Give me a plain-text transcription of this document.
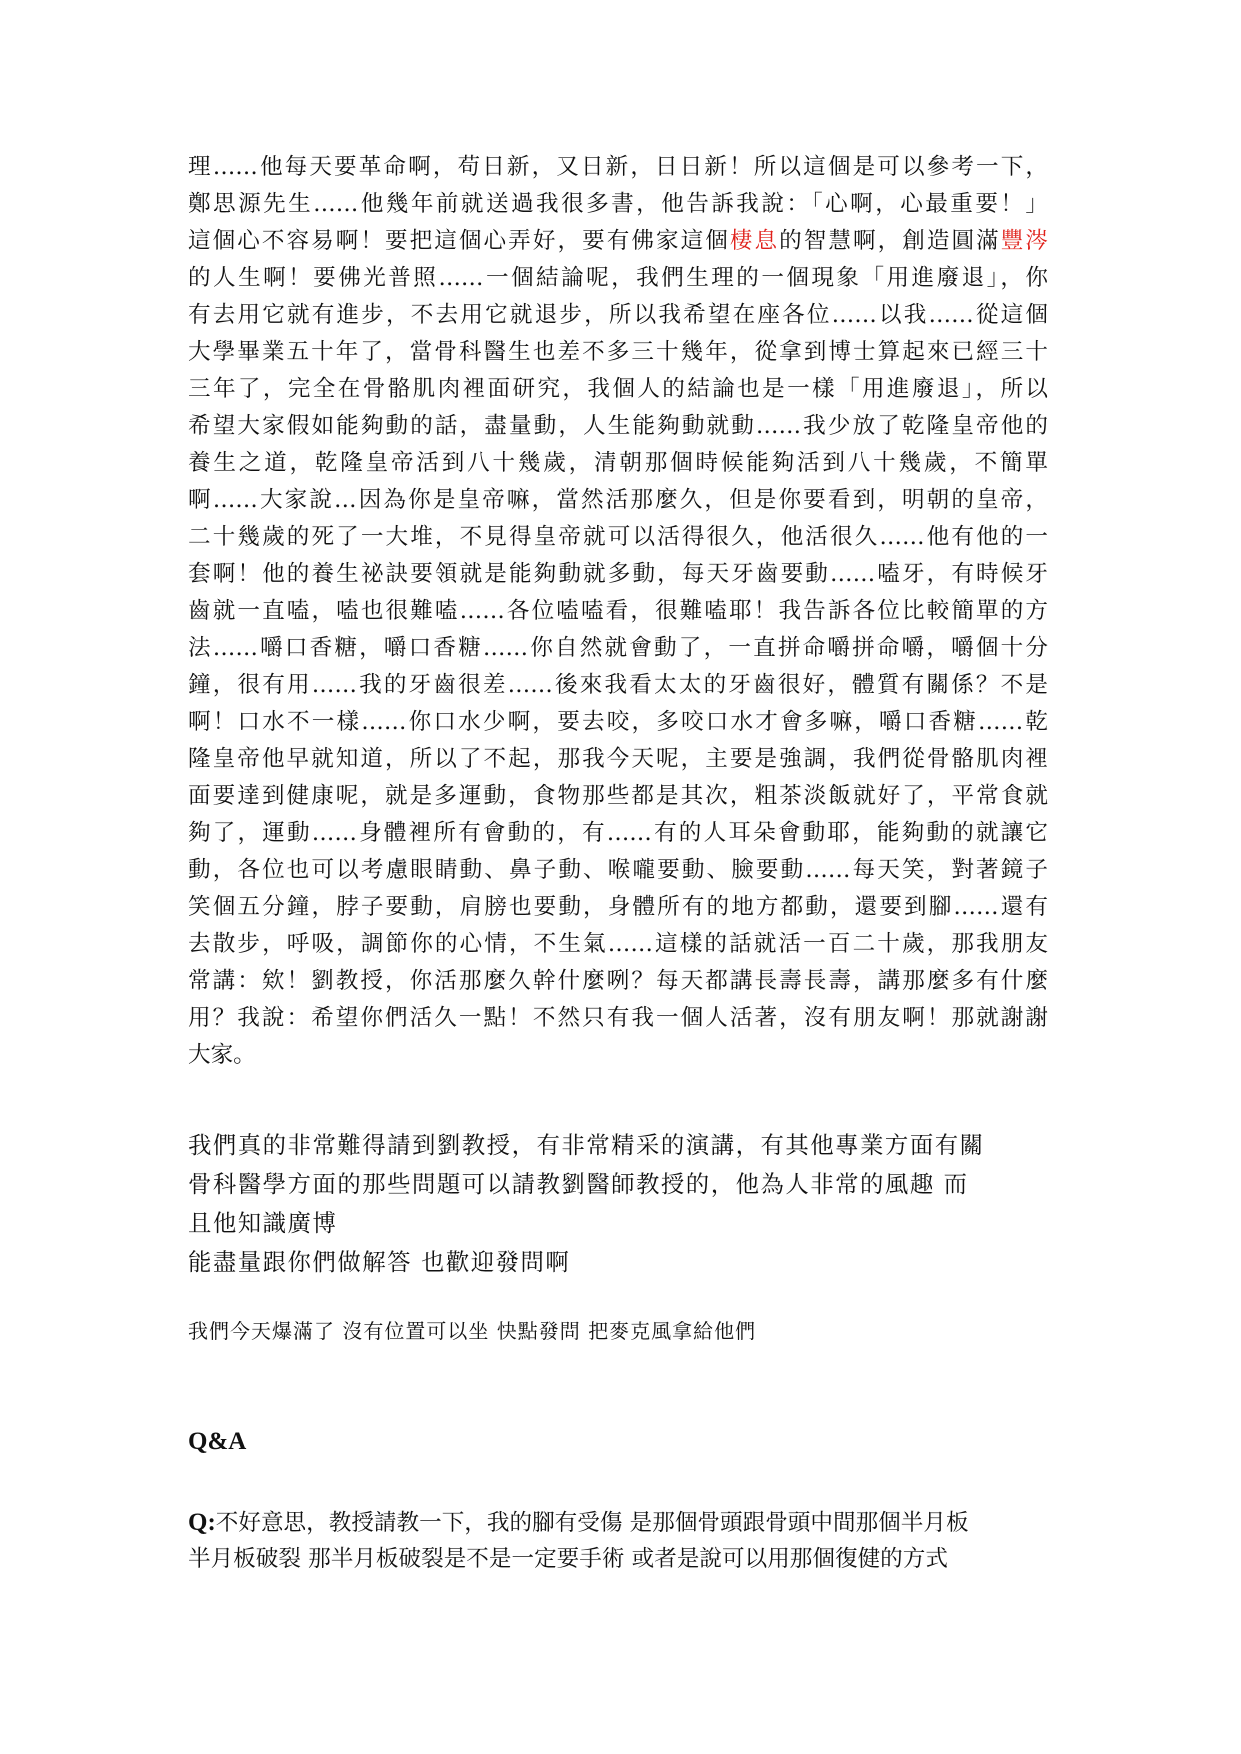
理……他每天要革命啊，苟日新，又日新，日日新！所以這個是可以參考一下，
鄭思源先生……他幾年前就送過我很多書，他告訴我說：「心啊，心最重要！」
這個心不容易啊！要把這個心弄好，要有佛家這個棲息的智慧啊，創造圓滿豐涔
的人生啊！要佛光普照……一個結論呢，我們生理的一個現象「用進廢退」，你
有去用它就有進步，不去用它就退步，所以我希望在座各位……以我……從這個
大學畢業五十年了，當骨科醫生也差不多三十幾年，從拿到博士算起來已經三十
三年了，完全在骨骼肌肉裡面研究，我個人的結論也是一樣「用進廢退」，所以
希望大家假如能夠動的話，盡量動，人生能夠動就動……我少放了乾隆皇帝他的
養生之道，乾隆皇帝活到八十幾歲，清朝那個時候能夠活到八十幾歲，不簡單
啊……大家說…因為你是皇帝嘛，當然活那麼久，但是你要看到，明朝的皇帝，
二十幾歲的死了一大堆，不見得皇帝就可以活得很久，他活很久……他有他的一
套啊！他的養生祕訣要領就是能夠動就多動，每天牙齒要動……嗑牙，有時候牙
齒就一直嗑，嗑也很難嗑……各位嗑嗑看，很難嗑耶！我告訴各位比較簡單的方
法……嚼口香糖，嚼口香糖……你自然就會動了，一直拼命嚼拼命嚼，嚼個十分
鐘，很有用……我的牙齒很差……後來我看太太的牙齒很好，體質有關係？不是
啊！口水不一樣……你口水少啊，要去咬，多咬口水才會多嘛，嚼口香糖……乾
隆皇帝他早就知道，所以了不起，那我今天呢，主要是強調，我們從骨骼肌肉裡
面要達到健康呢，就是多運動，食物那些都是其次，粗茶淡飯就好了，平常食就
夠了，運動……身體裡所有會動的，有……有的人耳朵會動耶，能夠動的就讓它
動，各位也可以考慮眼睛動、鼻子動、喉嚨要動、臉要動……每天笑，對著鏡子
笑個五分鐘，脖子要動，肩膀也要動，身體所有的地方都動，還要到腳……還有
去散步，呼吸，調節你的心情，不生氣……這樣的話就活一百二十歲，那我朋友
常講：欸！劉教授，你活那麼久幹什麼咧？每天都講長壽長壽，講那麼多有什麼
用？我說：希望你們活久一點！不然只有我一個人活著，沒有朋友啊！那就謝謝
大家。
我們真的非常難得請到劉教授，有非常精采的演講，有其他專業方面有關
骨科醫學方面的那些問題可以請教劉醫師教授的，他為人非常的風趣 而
且他知識廣博
能盡量跟你們做解答 也歡迎發問啊
我們今天爆滿了 沒有位置可以坐 快點發問 把麥克風拿給他們
Q&A
Q:不好意思，教授請教一下，我的腳有受傷 是那個骨頭跟骨頭中間那個半月板
半月板破裂 那半月板破裂是不是一定要手術 或者是說可以用那個復健的方式
